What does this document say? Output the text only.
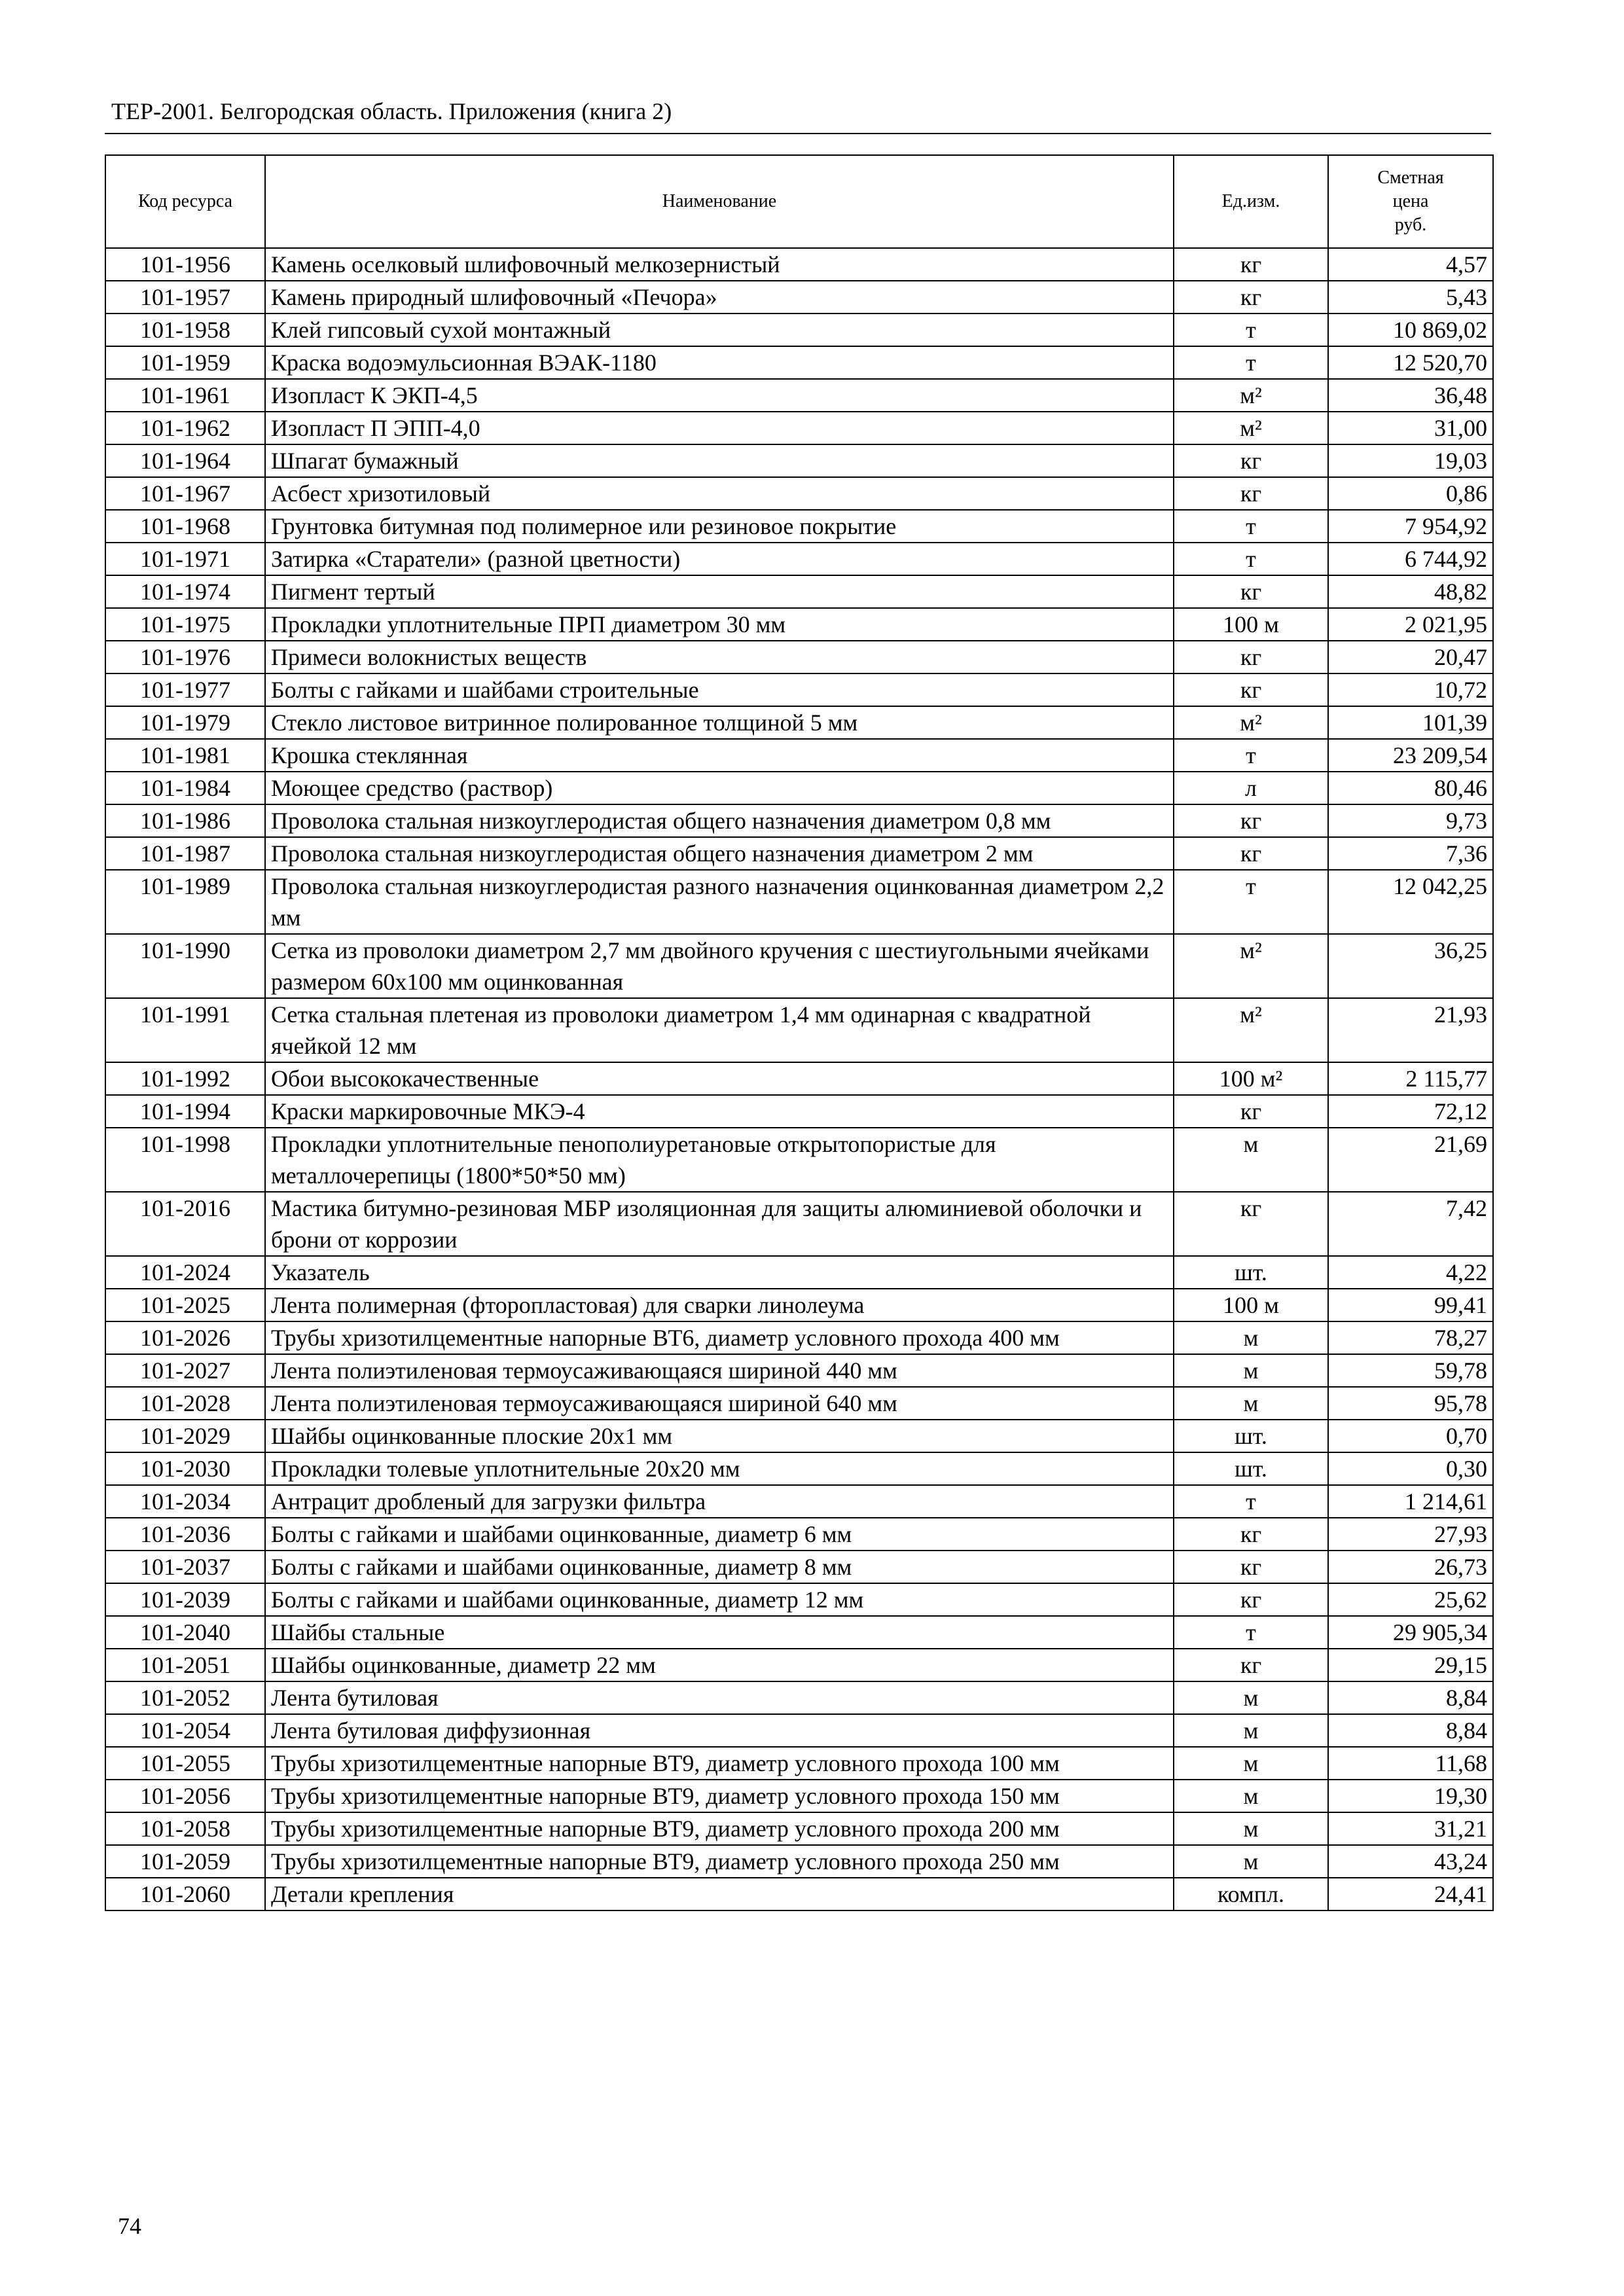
ТЕР-2001. Белгородская область. Приложения (книга 2)
Код ресурса	Наименование	Ед.изм.	Сметная
цена
руб.

101-1956	Камень оселковый шлифовочный мелкозернистый	кг	4,57
101-1957	Камень природный шлифовочный «Печора»	кг	5,43
101-1958	Клей гипсовый сухой монтажный	т	10 869,02
101-1959	Краска водоэмульсионная ВЭАК-1180	т	12 520,70
101-1961	Изопласт К ЭКП-4,5	м²	36,48
101-1962	Изопласт П ЭПП-4,0	м²	31,00
101-1964	Шпагат бумажный	кг	19,03
101-1967	Асбест хризотиловый	кг	0,86
101-1968	Грунтовка битумная под полимерное или резиновое покрытие	т	7 954,92
101-1971	Затирка «Старатели» (разной цветности)	т	6 744,92
101-1974	Пигмент тертый	кг	48,82
101-1975	Прокладки уплотнительные ПРП диаметром 30 мм	100 м	2 021,95
101-1976	Примеси волокнистых веществ	кг	20,47
101-1977	Болты с гайками и шайбами строительные	кг	10,72
101-1979	Стекло листовое витринное полированное толщиной 5 мм	м²	101,39
101-1981	Крошка стеклянная	т	23 209,54
101-1984	Моющее средство (раствор)	л	80,46
101-1986	Проволока стальная низкоуглеродистая общего назначения диаметром 0,8 мм	кг	9,73
101-1987	Проволока стальная низкоуглеродистая общего назначения диаметром 2 мм	кг	7,36
101-1989	Проволока стальная низкоуглеродистая разного назначения оцинкованная диаметром 2,2 мм	т	12 042,25
101-1990	Сетка из проволоки диаметром 2,7 мм двойного кручения с шестиугольными ячейками размером 60х100 мм оцинкованная	м²	36,25
101-1991	Сетка стальная плетеная из проволоки диаметром 1,4 мм одинарная с квадратной ячейкой 12 мм	м²	21,93
101-1992	Обои высококачественные	100 м²	2 115,77
101-1994	Краски маркировочные МКЭ-4	кг	72,12
101-1998	Прокладки уплотнительные пенополиуретановые открытопористые для металлочерепицы (1800*50*50 мм)	м	21,69
101-2016	Мастика битумно-резиновая МБР изоляционная для защиты алюминиевой оболочки и брони от коррозии	кг	7,42
101-2024	Указатель	шт.	4,22
101-2025	Лента полимерная (фторопластовая) для сварки линолеума	100 м	99,41
101-2026	Трубы хризотилцементные напорные ВТ6, диаметр условного прохода 400 мм	м	78,27
101-2027	Лента полиэтиленовая термоусаживающаяся шириной 440 мм	м	59,78
101-2028	Лента полиэтиленовая термоусаживающаяся шириной 640 мм	м	95,78
101-2029	Шайбы оцинкованные плоские 20х1 мм	шт.	0,70
101-2030	Прокладки толевые уплотнительные 20х20 мм	шт.	0,30
101-2034	Антрацит дробленый для загрузки фильтра	т	1 214,61
101-2036	Болты с гайками и шайбами оцинкованные, диаметр 6 мм	кг	27,93
101-2037	Болты с гайками и шайбами оцинкованные, диаметр 8 мм	кг	26,73
101-2039	Болты с гайками и шайбами оцинкованные, диаметр 12 мм	кг	25,62
101-2040	Шайбы стальные	т	29 905,34
101-2051	Шайбы оцинкованные, диаметр 22 мм	кг	29,15
101-2052	Лента бутиловая	м	8,84
101-2054	Лента бутиловая диффузионная	м	8,84
101-2055	Трубы хризотилцементные напорные ВТ9, диаметр условного прохода 100 мм	м	11,68
101-2056	Трубы хризотилцементные напорные ВТ9, диаметр условного прохода 150 мм	м	19,30
101-2058	Трубы хризотилцементные напорные ВТ9, диаметр условного прохода 200 мм	м	31,21
101-2059	Трубы хризотилцементные напорные ВТ9, диаметр условного прохода 250 мм	м	43,24
101-2060	Детали крепления	компл.	24,41
74
